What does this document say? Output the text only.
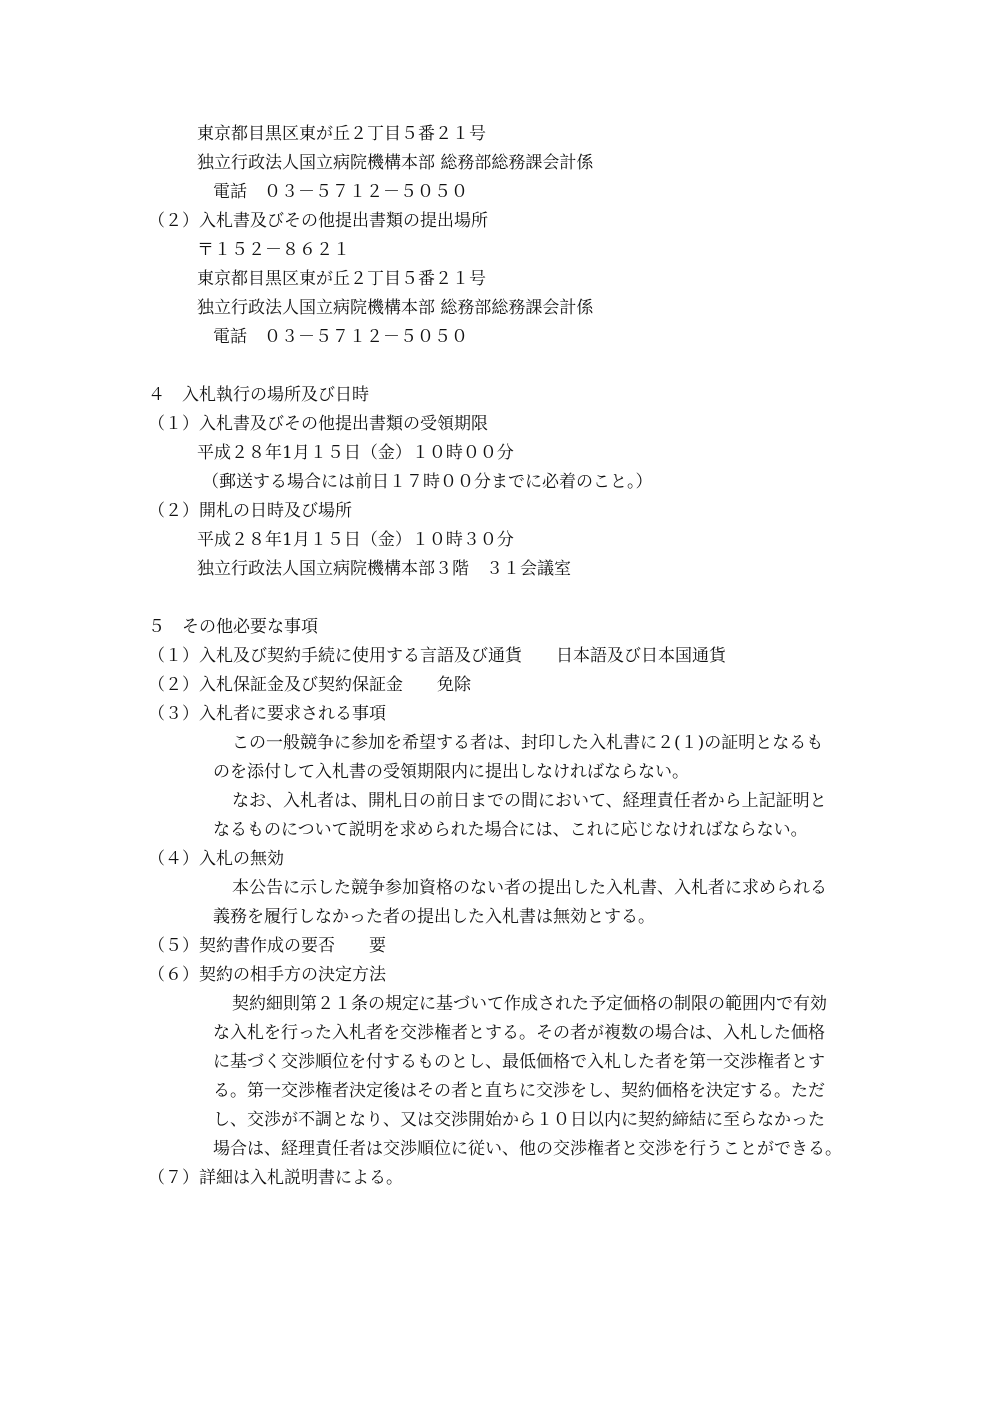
東京都目黒区東が丘２丁目５番２１号
独立行政法人国立病院機構本部 総務部総務課会計係
電話　０３－５７１２－５０５０
（２）入札書及びその他提出書類の提出場所
〒１５２－８６２１
東京都目黒区東が丘２丁目５番２１号
独立行政法人国立病院機構本部 総務部総務課会計係
電話　０３－５７１２－５０５０
４　入札執行の場所及び日時
（１）入札書及びその他提出書類の受領期限
平成２８年1月１５日（金）１０時００分
（郵送する場合には前日１７時００分までに必着のこと。）
（２）開札の日時及び場所
平成２８年1月１５日（金）１０時３０分
独立行政法人国立病院機構本部３階　３１会議室
５　その他必要な事項
（１）入札及び契約手続に使用する言語及び通貨　　日本語及び日本国通貨
（２）入札保証金及び契約保証金　　免除
（３）入札者に要求される事項
この一般競争に参加を希望する者は、封印した入札書に２(１)の証明となるも
のを添付して入札書の受領期限内に提出しなければならない。
なお、入札者は、開札日の前日までの間において、経理責任者から上記証明と
なるものについて説明を求められた場合には、これに応じなければならない。
（４）入札の無効
本公告に示した競争参加資格のない者の提出した入札書、入札者に求められる
義務を履行しなかった者の提出した入札書は無効とする。
（５）契約書作成の要否　　要
（６）契約の相手方の決定方法
契約細則第２１条の規定に基づいて作成された予定価格の制限の範囲内で有効
な入札を行った入札者を交渉権者とする。その者が複数の場合は、入札した価格
に基づく交渉順位を付するものとし、最低価格で入札した者を第一交渉権者とす
る。第一交渉権者決定後はその者と直ちに交渉をし、契約価格を決定する。ただ
し、交渉が不調となり、又は交渉開始から１０日以内に契約締結に至らなかった
場合は、経理責任者は交渉順位に従い、他の交渉権者と交渉を行うことができる。
（７）詳細は入札説明書による。
